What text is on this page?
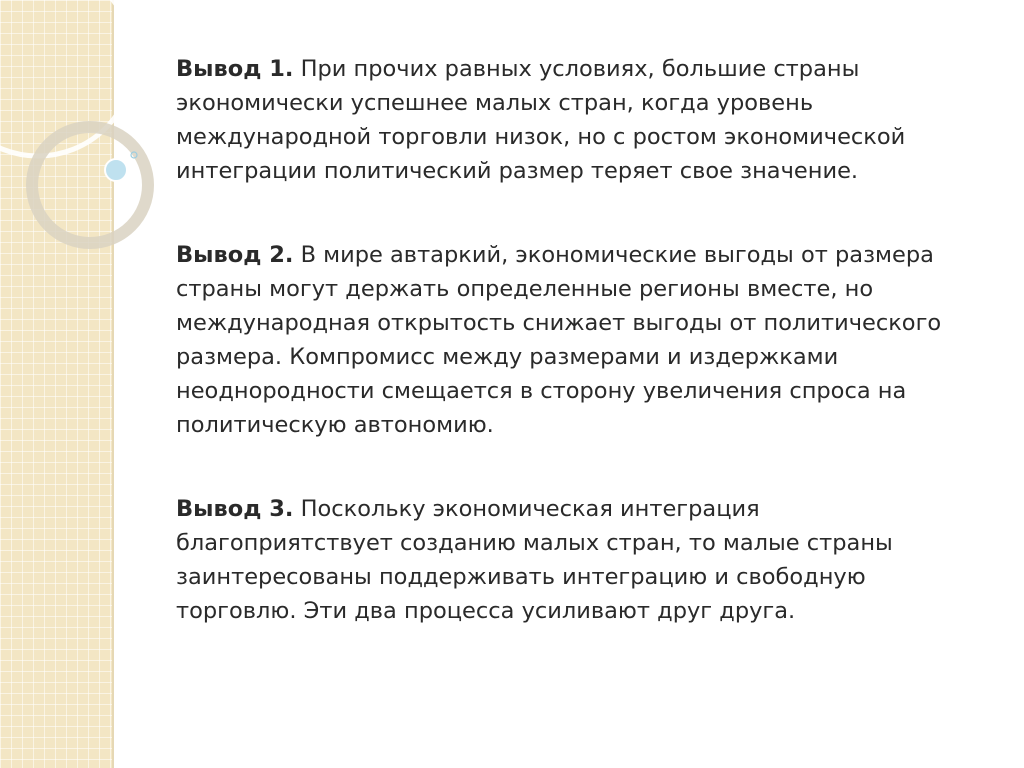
Вывод 1. При прочих равных условиях, большие страны экономически успешнее малых стран, когда уровень международной торговли низок, но с ростом экономической интеграции политический размер теряет свое значение.

Вывод 2. В мире автаркий, экономические выгоды от размера страны могут держать определенные регионы вместе, но международная открытость снижает выгоды от политического размера. Компромисс между размерами и издержками неоднородности смещается в сторону увеличения спроса на политическую автономию.

Вывод 3. Поскольку экономическая интеграция благоприятствует созданию малых стран, то малые страны заинтересованы поддерживать интеграцию и свободную торговлю. Эти два процесса усиливают друг друга.
